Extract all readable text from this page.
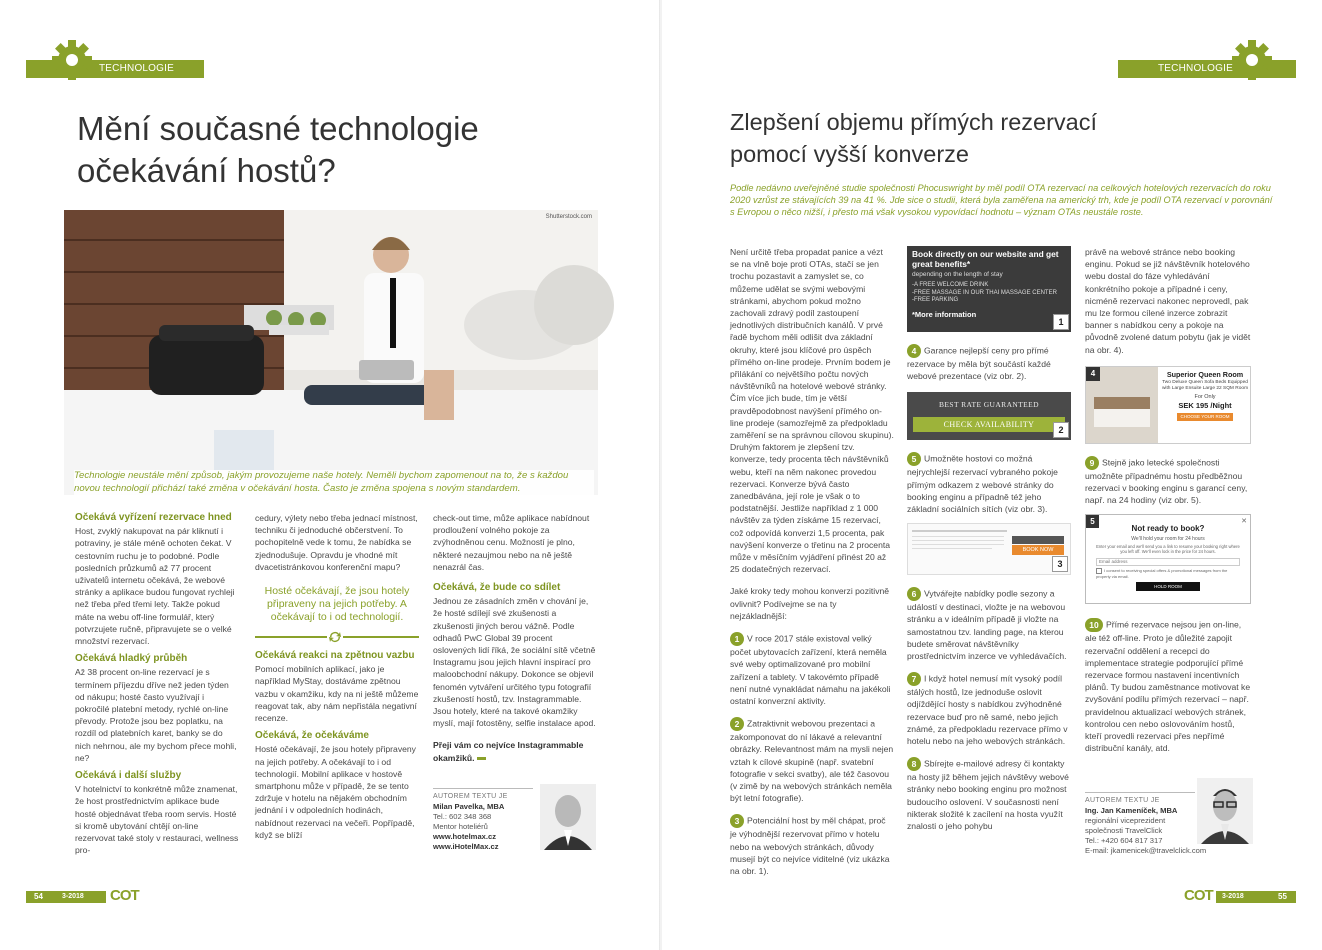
TECHNOLOGIE
Mění současné technologie
očekávání hostů?
Shutterstock.com
Technologie neustále mění způsob, jakým provozujeme naše hotely. Neměli bychom zapomenout na to, že s každou novou technologií přichází také změna v očekávání hosta. Často je změna spojena s novým standardem.
Očekává vyřízení rezervace hned

Host, zvyklý nakupovat na pár kliknutí i potraviny, je stále méně ochoten čekat. V cestovním ruchu je to podobné. Podle posledních průzkumů až 77 procent uživatelů internetu očekává, že webové stránky a aplikace budou fungovat rychleji než třeba před třemi lety. Takže pokud máte na webu off-line formulář, který potvrzujete ručně, připravujete se o velké množství rezervací.

Očekává hladký průběh

Až 38 procent on-line rezervací je s termínem příjezdu dříve než jeden týden od nákupu; hosté často využívají i pokročilé platební metody, rychlé on-line převody. Protože jsou bez poplatku, na rozdíl od platebních karet, banky se do nich nehrnou, ale my bychom přece mohli, ne?

Očekává i další služby

V hotelnictví to konkrétně může znamenat, že host prostřednictvím aplikace bude hosté objednávat třeba room servis. Hosté si kromě ubytování chtějí on-line rezervovat také stoly v restauraci, wellness pro-

cedury, výlety nebo třeba jednací místnost, techniku či jednoduché občerstvení. To pochopitelně vede k tomu, že nabídka se zjednodušuje. Opravdu je vhodné mít dvacetistránkovou konferenční mapu?

Hosté očekávají, že jsou hotely připraveny na jejich potřeby. A očekávají to i od technologií.
Očekává reakci na zpětnou vazbu

Pomocí mobilních aplikací, jako je například MyStay, dostáváme zpětnou vazbu v okamžiku, kdy na ni ještě můžeme reagovat tak, aby nám nepřistála negativní recenze.

Očekává, že očekáváme

Hosté očekávají, že jsou hotely připraveny na jejich potřeby. A očekávají to i od technologií. Mobilní aplikace v hostově smartphonu může v případě, že se tento zdržuje v hotelu na nějakém obchodním jednání i v odpoledních hodinách, nabídnout rezervaci na večeři. Popřípadě, když se blíží

check-out time, může aplikace nabídnout prodloužení volného pokoje za zvýhodněnou cenu. Možností je plno, některé nezaujmou nebo na ně ještě nenazrál čas.

Očekává, že bude co sdílet

Jednou ze zásadních změn v chování je, že hosté sdílejí své zkušenosti a zkušenosti jiných berou vážně. Podle odhadů PwC Global 39 procent oslovených lidí říká, že sociální sítě včetně Instagramu jsou jejich hlavní inspirací pro maloobchodní nákupy. Dokonce se objevil fenomén vytváření určitého typu fotografií zkušeností hostů, tzv. Instagrammable. Jsou hotely, které na takové okamžiky myslí, mají fotostěny, selfie instalace apod.

Přeji vám co nejvíce Instagrammable okamžiků.

AUTOREM TEXTU JE
Milan Pavelka, MBA
Tel.: 602 348 368
Mentor hoteliérů
www.hotelmax.cz
www.iHotelMax.cz
54	3-2018 COT
TECHNOLOGIE
Zlepšení objemu přímých rezervací
pomocí vyšší konverze
Podle nedávno uveřejněné studie společnosti Phocuswright by měl podíl OTA rezervací na celkových hotelových rezervacích do roku 2020 vzrůst ze stávajících 39 na 41 %. Jde sice o studii, která byla zaměřena na americký trh, kde je podíl OTA rezervací v porovnání s Evropou o něco nižší, i přesto má však vysokou vypovídací hodnotu – význam OTAs neustále roste.

Není určitě třeba propadat panice a vézt se na vlně boje proti OTAs, stačí se jen trochu pozastavit a zamyslet se, co můžeme udělat se svými webovými stránkami, abychom pokud možno zachovali zdravý podíl zastoupení jednotlivých distribučních kanálů. V prvé řadě bychom měli odlišit dva základní okruhy, které jsou klíčové pro úspěch přímého on-line prodeje. Prvním bodem je přilákání co největšího počtu nových návštěvníků na hotelové webové stránky. Čím více jich bude, tím je větší pravděpodobnost navýšení přímého on-line prodeje (samozřejmě za předpokladu zaměření se na správnou cílovou skupinu). Druhým faktorem je zlepšení tzv. konverze, tedy procenta těch návštěvníků webu, kteří na něm nakonec provedou rezervaci. Konverze bývá často zanedbávána, její role je však o to podstatnější. Jestliže například z 1 000 návštěv za týden získáme 15 rezervací, což odpovídá konverzi 1,5 procenta, pak navýšení konverze o třetinu na 2 procenta může v měsíčním vyjádření přinést 20 až 25 dodatečných rezervací.

Jaké kroky tedy mohou konverzi pozitivně ovlivnit? Podívejme se na ty nejzákladnější:

1 V roce 2017 stále existoval velký počet ubytovacích zařízení, která neměla své weby optimalizované pro mobilní zařízení a tablety. V takovémto případě není nutné vynakládat námahu na jakékoli ostatní konverzní aktivity.

2 Zatraktivnit webovou prezentaci a zakomponovat do ní lákavé a relevantní obrázky. Relevantnost mám na mysli nejen vztah k cílové skupině (např. svatební fotografie v sekci svatby), ale též časovou (v zimě by na webových stránkách neměla být letní fotografie).

3 Potenciální host by měl chápat, proč je výhodnější rezervovat přímo v hotelu nebo na webových stránkách, důvody musejí být co nejvíce viditelné (viz ukázka na obr. 1).

Book directly on our website and get great benefits*
depending on the length of stay
-A FREE WELCOME DRINK
-FREE MASSAGE IN OUR THAI MASSAGE CENTER
-FREE PARKING
*More information
1

4 Garance nejlepší ceny pro přímé rezervace by měla být součástí každé webové prezentace (viz obr. 2).

BEST RATE GUARANTEED
CHECK AVAILABILITY
2

5 Umožněte hostovi co možná nejrychlejší rezervací vybraného pokoje přímým odkazem z webové stránky do booking enginu a případně též jeho základní sociálních sítích (viz obr. 3).

BOOK NOW
3

6 Vytvářejte nabídky podle sezony a událostí v destinaci, vložte je na webovou stránku a v ideálním případě ji vložte na samostatnou tzv. landing page, na kterou budete směrovat návštěvníky prostřednictvím inzerce ve vyhledávačích.

7 I když hotel nemusí mít vysoký podíl stálých hostů, lze jednoduše oslovit odjíždějící hosty s nabídkou zvýhodněné rezervace buď pro ně samé, nebo jejich známé, za předpokladu rezervace přímo v hotelu nebo na jeho webových stránkách.

8 Sbírejte e-mailové adresy či kontakty na hosty již během jejich návštěvy webové stránky nebo booking enginu pro možnost budoucího oslovení. V současnosti není nikterak složité k zacílení na hosta využít znalosti o jeho pohybu

právě na webové stránce nebo booking enginu. Pokud se již návštěvník hotelového webu dostal do fáze vyhledávání konkrétního pokoje a případné i ceny, nicméně rezervaci nakonec neprovedl, pak mu lze formou cílené inzerce zobrazit banner s nabídkou ceny a pokoje na původně zvolené datum pobytu (jak je vidět na obr. 4).

4	Superior Queen Room
Two Deluxe Queen Sofa Beds Equipped with Large Ensuite Large 22 SQM Room
For Only
SEK 195 /Night
CHOOSE YOUR ROOM

9 Stejně jako letecké společnosti umožněte případnému hostu předběžnou rezervaci v booking enginu s garancí ceny, např. na 24 hodiny (viz obr. 5).

5	✕
Not ready to book?
We'll hold your room for 24 hours
Enter your email and we'll send you a link to resume your booking right where you left off. We'll even lock in the price for 24 hours.
Email address
I consent to receiving special offers & promotional messages from the property via email.
HOLD ROOM

10 Přímé rezervace nejsou jen on-line, ale též off-line. Proto je důležité zapojit rezervační oddělení a recepci do implementace strategie podporující přímé rezervace formou nastavení incentivních plánů. Ty budou zaměstnance motivovat ke zvyšování podílu přímých rezervací – např. pravidelnou aktualizací webových stránek, kontrolou cen nebo oslovováním hostů, kteří provedli rezervaci přes nepřímé distribuční kanály, atd.

AUTOREM TEXTU JE
Ing. Jan Kameníček, MBA
regionální viceprezident
společnosti TravelClick
Tel.: +420 604 817 317
E-mail: jkamenicek@travelclick.com
COT 3-2018	55
